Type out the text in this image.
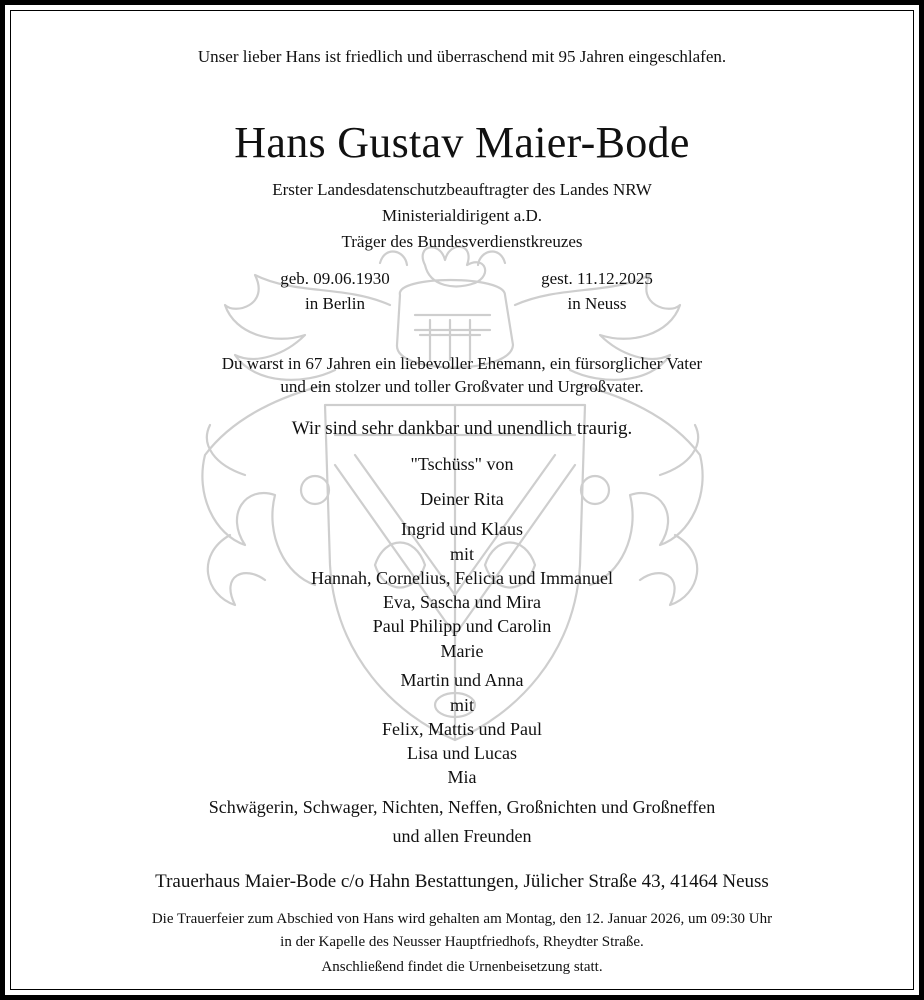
Unser lieber Hans ist friedlich und überraschend mit 95 Jahren eingeschlafen.
Hans Gustav Maier-Bode
Erster Landesdatenschutzbeauftragter des Landes NRW
Ministerialdirigent a.D.
Träger des Bundesverdienstkreuzes
geb. 09.06.1930
in Berlin
gest. 11.12.2025
in Neuss
Du warst in 67 Jahren ein liebevoller Ehemann, ein fürsorglicher Vater
und ein stolzer und toller Großvater und Urgroßvater.
Wir sind sehr dankbar und unendlich traurig.
"Tschüss" von
Deiner Rita
Ingrid und Klaus
mit
Hannah, Cornelius, Felicia und Immanuel
Eva, Sascha und Mira
Paul Philipp und Carolin
Marie
Martin und Anna
mit
Felix, Mattis und Paul
Lisa und Lucas
Mia
Schwägerin, Schwager, Nichten, Neffen, Großnichten und Großneffen
und allen Freunden
Trauerhaus Maier-Bode c/o Hahn Bestattungen, Jülicher Straße 43, 41464 Neuss
Die Trauerfeier zum Abschied von Hans wird gehalten am Montag, den 12. Januar 2026, um 09:30 Uhr
in der Kapelle des Neusser Hauptfriedhofs, Rheydter Straße.
Anschließend findet die Urnenbeisetzung statt.
